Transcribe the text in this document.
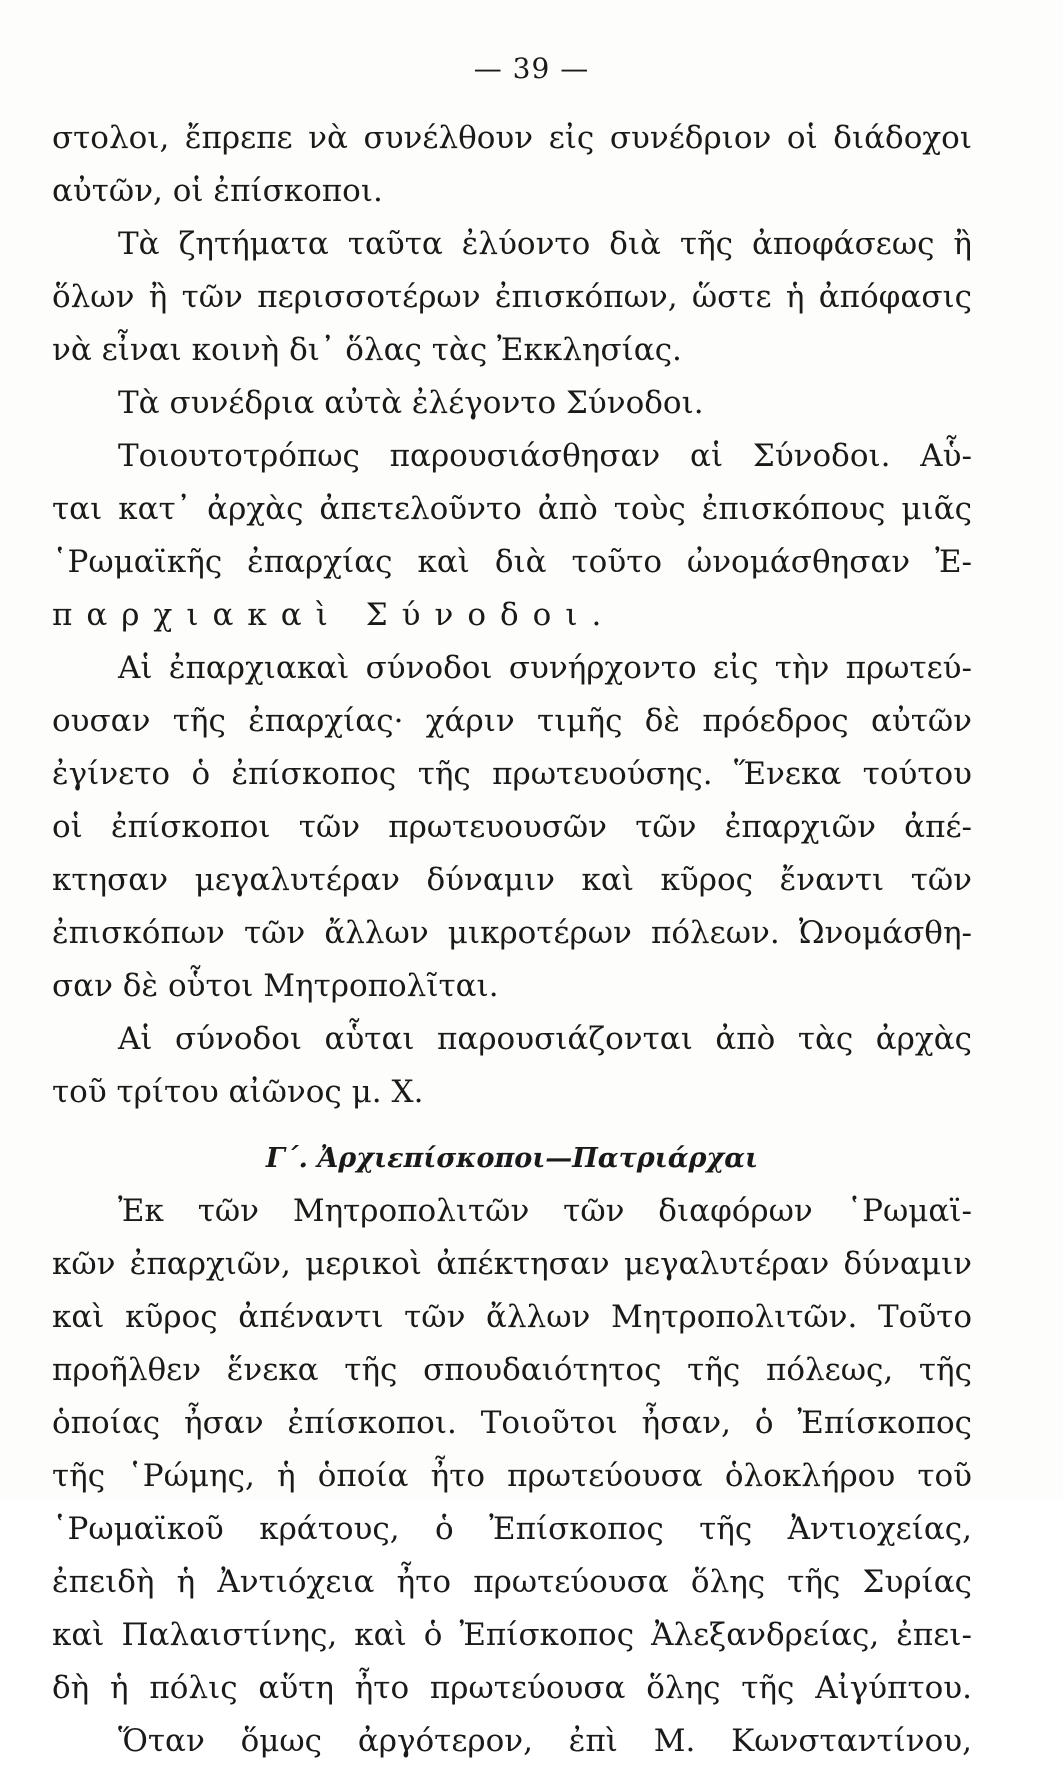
— 39 —
στολοι, ἔπρεπε νὰ συνέλθουν εἰς συνέδριον οἱ διάδοχοι
αὐτῶν, οἱ ἐπίσκοποι.
Τὰ ζητήματα ταῦτα ἐλύοντο διὰ τῆς ἀποφάσεως ἢ
ὅλων ἢ τῶν περισσοτέρων ἐπισκόπων, ὥστε ἡ ἀπόφασις
νὰ εἶναι κοινὴ δι᾿ ὅλας τὰς Ἐκκλησίας.
Τὰ συνέδρια αὐτὰ ἐλέγοντο Σύνοδοι.
Τοιουτοτρόπως παρουσιάσθησαν αἱ Σύνοδοι. Αὗ-
ται κατ᾿ ἀρχὰς ἀπετελοῦντο ἀπὸ τοὺς ἐπισκόπους μιᾶς
῾Ρωμαϊκῆς ἐπαρχίας καὶ διὰ τοῦτο ὠνομάσθησαν Ἐ-
παρχιακαὶ Σύνοδοι.
Αἱ ἐπαρχιακαὶ σύνοδοι συνήρχοντο εἰς τὴν πρωτεύ-
ουσαν τῆς ἐπαρχίας· χάριν τιμῆς δὲ πρόεδρος αὐτῶν
ἐγίνετο ὁ ἐπίσκοπος τῆς πρωτευούσης. Ἕνεκα τούτου
οἱ ἐπίσκοποι τῶν πρωτευουσῶν τῶν ἐπαρχιῶν ἀπέ-
κτησαν μεγαλυτέραν δύναμιν καὶ κῦρος ἔναντι τῶν
ἐπισκόπων τῶν ἄλλων μικροτέρων πόλεων. Ὠνομάσθη-
σαν δὲ οὗτοι Μητροπολῖται.
Αἱ σύνοδοι αὗται παρουσιάζονται ἀπὸ τὰς ἀρχὰς
τοῦ τρίτου αἰῶνος μ. Χ.
Γ΄. Ἀρχιεπίσκοποι—Πατριάρχαι
Ἐκ τῶν Μητροπολιτῶν τῶν διαφόρων ῾Ρωμαϊ-
κῶν ἐπαρχιῶν, μερικοὶ ἀπέκτησαν μεγαλυτέραν δύναμιν
καὶ κῦρος ἀπέναντι τῶν ἄλλων Μητροπολιτῶν. Τοῦτο
προῆλθεν ἕνεκα τῆς σπουδαιότητος τῆς πόλεως, τῆς
ὁποίας ἦσαν ἐπίσκοποι. Τοιοῦτοι ἦσαν, ὁ Ἐπίσκοπος
τῆς ῾Ρώμης, ἡ ὁποία ἦτο πρωτεύουσα ὁλοκλήρου τοῦ
῾Ρωμαϊκοῦ κράτους, ὁ Ἐπίσκοπος τῆς Ἀντιοχείας,
ἐπειδὴ ἡ Ἀντιόχεια ἦτο πρωτεύουσα ὅλης τῆς Συρίας
καὶ Παλαιστίνης, καὶ ὁ Ἐπίσκοπος Ἀλεξανδρείας, ἐπει-
δὴ ἡ πόλις αὕτη ἦτο πρωτεύουσα ὅλης τῆς Αἰγύπτου.
Ὅταν ὅμως ἀργότερον, ἐπὶ Μ. Κωνσταντίνου,
